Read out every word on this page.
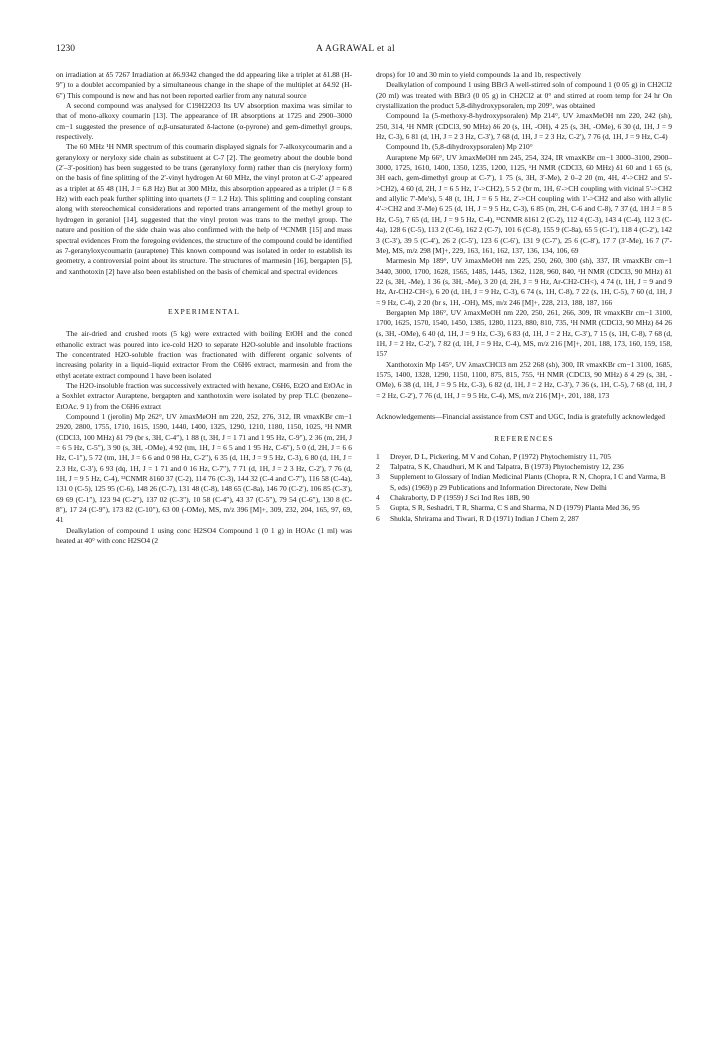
1230	A AGRAWAL et al

on irradiation at δ5 7267 Irradiation at δ6.9342 changed the dd appearing like a triplet at δ1.88 (H-9″) to a doublet accompanied by a simultaneous change in the shape of the multiplet at δ4.92 (H-6″) This compound is new and has not been reported earlier from any natural source

A second compound was analysed for C19H22O3 Its UV absorption maxima was similar to that of mono-alkoxy coumarin [13]. The appearance of IR absorptions at 1725 and 2900–3000 cm−1 suggested the presence of α,β-unsaturated δ-lactone (α-pyrone) and gem-dimethyl groups, respectively.

The 60 MHz ¹H NMR spectrum of this coumarin displayed signals for 7-alkoxycoumarin and a geranyloxy or neryloxy side chain as substituent at C-7 [2]. The geometry about the double bond (2′–3′-position) has been suggested to be trans (geranyloxy form) rather than cis (neryloxy form) on the basis of fine splitting of the 2′-vinyl hydrogen At 60 MHz, the vinyl proton at C-2′ appeared as a triplet at δ5 48 (1H, J = 6.8 Hz) But at 300 MHz, this absorption appeared as a triplet (J = 6 8 Hz) with each peak further splitting into quartets (J = 1.2 Hz). This splitting and coupling constant along with stereochemical considerations and reported trans arrangement of the methyl group to hydrogen in geraniol [14], suggested that the vinyl proton was trans to the methyl group. The nature and position of the side chain was also confirmed with the help of ¹³CNMR [15] and mass spectral evidences From the foregoing evidences, the structure of the compound could be identified as 7-geranyloxycoumarin (auraptene) This known compound was isolated in order to establish its geometry, a controversial point about its structure. The structures of marmesin [16], bergapten [5], and xanthotoxin [2] have also been established on the basis of chemical and spectral evidences

EXPERIMENTAL

The air-dried and crushed roots (5 kg) were extracted with boiling EtOH and the concd ethanolic extract was poured into ice-cold H2O to separate H2O-soluble and insoluble fractions The concentrated H2O-soluble fraction was fractionated with different organic solvents of increasing polarity in a liquid–liquid extractor From the C6H6 extract, marmesin and from the ethyl acetate extract compound 1 have been isolated

The H2O-insoluble fraction was successively extracted with hexane, C6H6, Et2O and EtOAc in a Soxhlet extractor Auraptene, bergapten and xanthotoxin were isolated by prep TLC (benzene–EtOAc. 9 1) from the C6H6 extract

Compound 1 (jerolin) Mp 262°, UV λmaxMeOH nm 220, 252, 276, 312, IR νmaxKBr cm−1 2920, 2800, 1755, 1710, 1615, 1590, 1440, 1400, 1325, 1290, 1210, 1180, 1150, 1025, ¹H NMR (CDCl3, 100 MHz) δ1 79 (br s, 3H, C-4″), 1 88 (t, 3H, J = 1 71 and 1 95 Hz, C-9″), 2 36 (m, 2H, J = 6 5 Hz, C-5″), 3 90 (s, 3H, -OMe), 4 92 (tm, 1H, J = 6 5 and 1 95 Hz, C-6″), 5 0 (d, 2H, J = 6 6 Hz, C-1″), 5 72 (tm, 1H, J = 6 6 and 0 98 Hz, C-2″), 6 35 (d, 1H, J = 9 5 Hz, C-3), 6 80 (d, 1H, J = 2.3 Hz, C-3′), 6 93 (dq, 1H, J = 1 71 and 0 16 Hz, C-7″), 7 71 (d, 1H, J = 2 3 Hz, C-2′), 7 76 (d, 1H, J = 9 5 Hz, C-4), ¹³CNMR δ160 37 (C-2), 114 76 (C-3), 144 32 (C-4 and C-7″), 116 58 (C-4a), 131 0 (C-5), 125 95 (C-6), 148 26 (C-7), 131 48 (C-8), 148 65 (C-8a), 146 70 (C-2′), 106 85 (C-3′), 69 69 (C-1″), 123 94 (C-2″), 137 02 (C-3″), 10 58 (C-4″), 43 37 (C-5″), 79 54 (C-6″), 130 8 (C-8″), 17 24 (C-9″), 173 82 (C-10″), 63 00 (-OMe), MS, m/z 396 [M]+, 309, 232, 204, 165, 97, 69, 41

Dealkylation of compound 1 using conc H2SO4 Compound 1 (0 1 g) in HOAc (1 ml) was heated at 40° with conc H2SO4 (2

drops) for 10 and 30 min to yield compounds 1a and 1b, respectively

Dealkylation of compound 1 using BBr3 A well-stirred soln of compound 1 (0 05 g) in CH2Cl2 (20 ml) was treated with BBr3 (0 05 g) in CH2Cl2 at 0° and stirred at room temp for 24 hr On crystallization the product 5,8-dihydroxypsoralen, mp 209°, was obtained

Compound 1a (5-methoxy-8-hydroxypsoralen) Mp 214°, UV λmaxMeOH nm 220, 242 (sh), 250, 314, ¹H NMR (CDCl3, 90 MHz) δ6 20 (s, 1H, -OH), 4 25 (s, 3H, -OMe), 6 30 (d, 1H, J = 9 Hz, C-3), 6 81 (d, 1H, J = 2 3 Hz, C-3′), 7 68 (d, 1H, J = 2 3 Hz, C-2′), 7 76 (d, 1H, J = 9 Hz, C-4)

Compound 1b, (5,8-dihydroxypsoralen) Mp 210°

Auraptene Mp 66°, UV λmaxMeOH nm 245, 254, 324, IR νmaxKBr cm−1 3000–3100, 2900–3000, 1725, 1610, 1400, 1350, 1235, 1200, 1125, ¹H NMR (CDCl3, 60 MHz) δ1 60 and 1 65 (s, 3H each, gem-dimethyl group at C-7′), 1 75 (s, 3H, 3′-Me), 2 0–2 20 (m, 4H, 4′->CH2 and 5′->CH2), 4 60 (d, 2H, J = 6 5 Hz, 1′->CH2), 5 5 2 (br m, 1H, 6′->CH coupling with vicinal 5′->CH2 and allylic 7′-Me′s), 5 48 (t, 1H, J = 6 5 Hz, 2′->CH coupling with 1′->CH2 and also with allylic 4′->CH2 and 3′-Me) 6 25 (d, 1H, J = 9 5 Hz, C-3), 6 85 (m, 2H, C-6 and C-8), 7 37 (d, 1H J = 8 5 Hz, C-5), 7 65 (d, 1H, J = 9 5 Hz, C-4), ¹³CNMR δ161 2 (C-2), 112 4 (C-3), 143 4 (C-4), 112 3 (C-4a), 128 6 (C-5), 113 2 (C-6), 162 2 (C-7), 101 6 (C-8), 155 9 (C-8a), 65 5 (C-1′), 118 4 (C-2′), 142 3 (C-3′), 39 5 (C-4′), 26 2 (C-5′), 123 6 (C-6′), 131 9 (C-7′), 25 6 (C-8′), 17 7 (3′-Me), 16 7 (7′-Me), MS, m/z 298 [M]+, 229, 163, 161, 162, 137, 136, 134, 106, 69

Marmesin Mp 189°, UV λmaxMeOH nm 225, 250, 260, 300 (sh), 337, IR νmaxKBr cm−1 3440, 3000, 1700, 1628, 1565, 1485, 1445, 1362, 1128, 960, 840, ¹H NMR (CDCl3, 90 MHz) δ1 22 (s, 3H, -Me), 1 36 (s, 3H, -Me), 3 20 (d, 2H, J = 9 Hz, Ar-CH2-CH<), 4 74 (t, 1H, J = 9 and 9 Hz, Ar-CH2-CH<), 6 20 (d, 1H, J = 9 Hz, C-3), 6 74 (s, 1H, C-8), 7 22 (s, 1H, C-5), 7 60 (d, 1H, J = 9 Hz, C-4), 2 20 (br s, 1H, -OH), MS, m/z 246 [M]+, 228, 213, 188, 187, 166

Bergapten Mp 186°, UV λmaxMeOH nm 220, 250, 261, 266, 309, IR νmaxKBr cm−1 3100, 1700, 1625, 1570, 1540, 1450, 1385, 1280, 1123, 880, 810, 735, ¹H NMR (CDCl3, 90 MHz) δ4 26 (s, 3H, -OMe), 6 40 (d, 1H, J = 9 Hz, C-3), 6 83 (d, 1H, J = 2 Hz, C-3′), 7 15 (s, 1H, C-8), 7 68 (d, 1H, J = 2 Hz, C-2′), 7 82 (d, 1H, J = 9 Hz, C-4), MS, m/z 216 [M]+, 201, 188, 173, 160, 159, 158, 157

Xanthotoxin Mp 145°, UV λmaxCHCl3 nm 252 268 (sh), 300, IR νmaxKBr cm−1 3100, 1685, 1575, 1400, 1328, 1290, 1150, 1100, 875, 815, 755, ¹H NMR (CDCl3, 90 MHz) δ 4 29 (s, 3H, -OMe), 6 38 (d, 1H, J = 9 5 Hz, C-3), 6 82 (d, 1H, J = 2 Hz, C-3′), 7 36 (s, 1H, C-5), 7 68 (d, 1H, J = 2 Hz, C-2′), 7 76 (d, 1H, J = 9 5 Hz, C-4), MS, m/z 216 [M]+, 201, 188, 173

Acknowledgements—Financial assistance from CST and UGC, India is gratefully acknowledged

REFERENCES
1 Dreyer, D L, Pickering, M V and Cohan, P (1972) Phytochemistry 11, 705
2 Talpatra, S K, Chaudhuri, M K and Talpatra, B (1973) Phytochemistry 12, 236
3 Supplement to Glossary of Indian Medicinal Plants (Chopra, R N, Chopra, I C and Varma, B S, eds) (1969) p 29 Publications and Information Directorate, New Delhi
4 Chakraborty, D P (1959) J Sci Ind Res 18B, 90
5 Gupta, S R, Seshadri, T R, Sharma, C S and Sharma, N D (1979) Planta Med 36, 95
6 Shukla, Shrirama and Tiwari, R D (1971) Indian J Chem 2, 287
